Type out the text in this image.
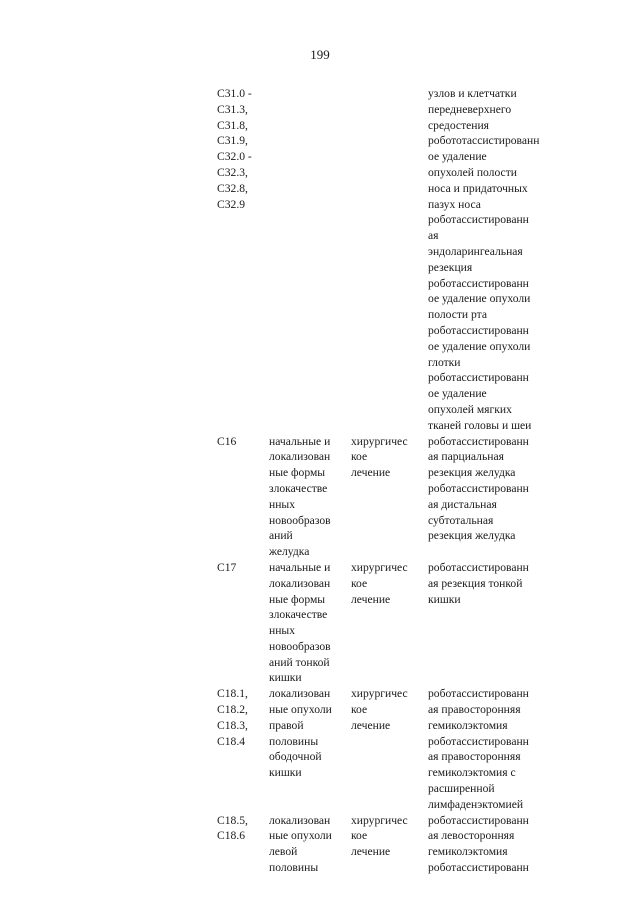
199
C31.0 -
C31.3,
C31.8,
C31.9,
C32.0 -
C32.3,
C32.8,
C32.9
узлов и клетчатки
передневерхнего
средостения
робототассистированн
ое удаление
опухолей полости
носа и придаточных
пазух носа
роботассистированн
ая
эндоларингеальная
резекция
роботассистированн
ое удаление опухоли
полости рта
роботассистированн
ое удаление опухоли
глотки
роботассистированн
ое удаление
опухолей мягких
тканей головы и шеи
C16	начальные и
локализован
ные формы
злокачестве
нных
новообразов
аний
желудка
хирургичес
кое
лечение
роботассистированн
ая парциальная
резекция желудка
роботассистированн
ая дистальная
субтотальная
резекция желудка
C17	начальные и
локализован
ные формы
злокачестве
нных
новообразов
аний тонкой
кишки
хирургичес
кое
лечение
роботассистированн
ая резекция тонкой
кишки
C18.1,
C18.2,
C18.3,
C18.4
локализован
ные опухоли
правой
половины
ободочной
кишки
хирургичес
кое
лечение
роботассистированн
ая правосторонняя
гемиколэктомия
роботассистированн
ая правосторонняя
гемиколэктомия с
расширенной
лимфаденэктомией
C18.5,
C18.6
локализован
ные опухоли
левой
половины
хирургичес
кое
лечение
роботассистированн
ая левосторонняя
гемиколэктомия
роботассистированн
